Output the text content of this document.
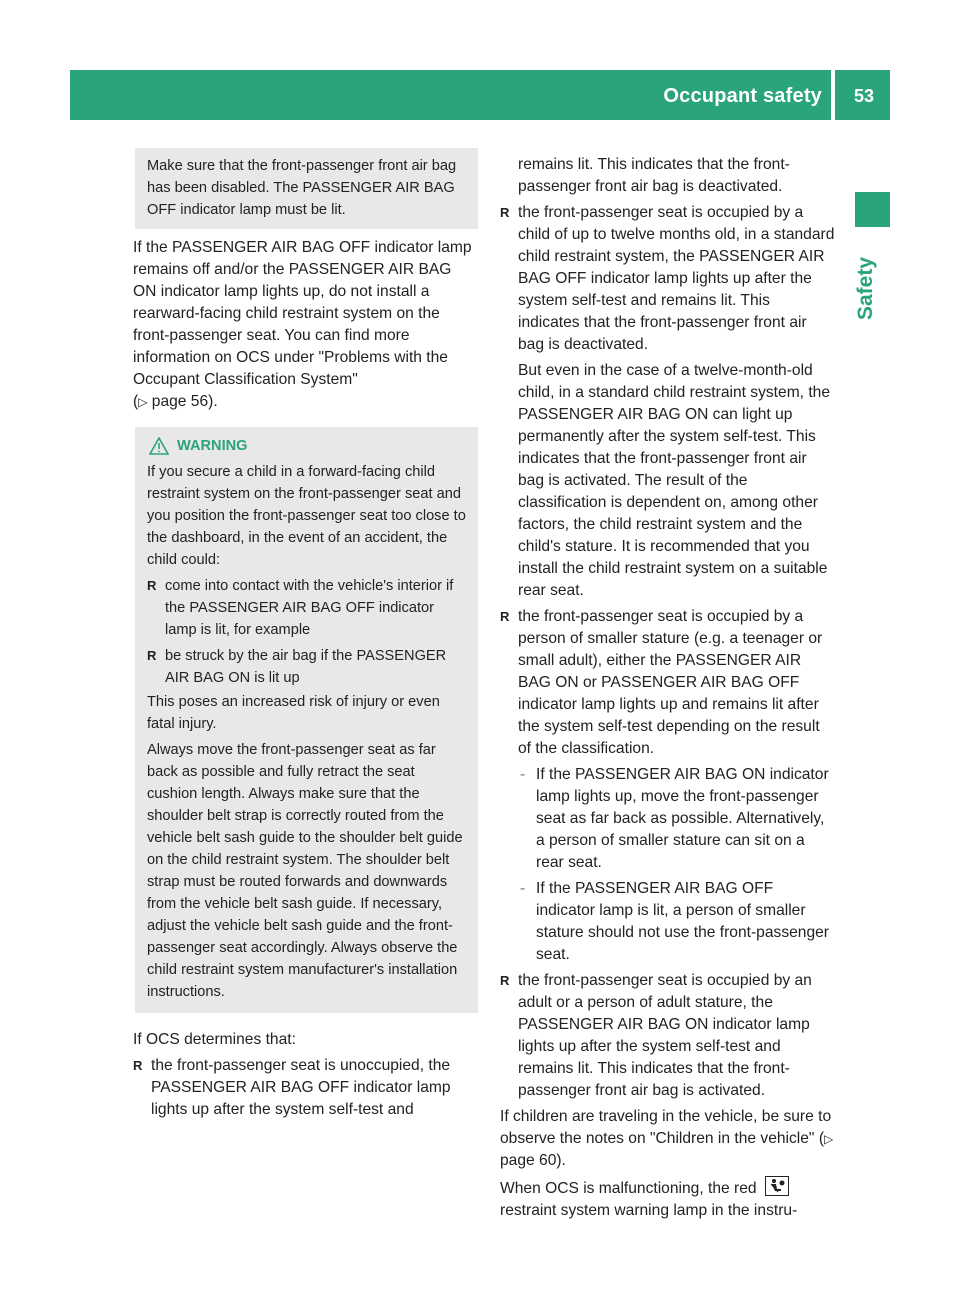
Occupant safety 53
Safety

Make sure that the front-passenger front air bag has been disabled. The PASSENGER AIR BAG OFF indicator lamp must be lit.

If the PASSENGER AIR BAG OFF indicator lamp remains off and/or the PASSENGER AIR BAG ON indicator lamp lights up, do not install a rearward-facing child restraint system on the front-passenger seat. You can find more information on OCS under "Problems with the Occupant Classification System"
(▷ page 56).

WARNING

If you secure a child in a forward-facing child restraint system on the front-passenger seat and you position the front-passenger seat too close to the dashboard, in the event of an accident, the child could:

R come into contact with the vehicle's interior if the PASSENGER AIR BAG OFF indicator lamp is lit, for example
R be struck by the air bag if the PASSENGER AIR BAG ON is lit up

This poses an increased risk of injury or even fatal injury.

Always move the front-passenger seat as far back as possible and fully retract the seat cushion length. Always make sure that the shoulder belt strap is correctly routed from the vehicle belt sash guide to the shoulder belt guide on the child restraint system. The shoulder belt strap must be routed forwards and downwards from the vehicle belt sash guide. If necessary, adjust the vehicle belt sash guide and the front-passenger seat accordingly. Always observe the child restraint system manufacturer's installation instructions.

If OCS determines that:

R the front-passenger seat is unoccupied, the PASSENGER AIR BAG OFF indicator lamp lights up after the system self-test and

remains lit. This indicates that the front-passenger front air bag is deactivated.

R the front-passenger seat is occupied by a child of up to twelve months old, in a standard child restraint system, the PASSENGER AIR BAG OFF indicator lamp lights up after the system self-test and remains lit. This indicates that the front-passenger front air bag is deactivated.

But even in the case of a twelve-month-old child, in a standard child restraint system, the PASSENGER AIR BAG ON can light up permanently after the system self-test. This indicates that the front-passenger front air bag is activated. The result of the classification is dependent on, among other factors, the child restraint system and the child's stature. It is recommended that you install the child restraint system on a suitable rear seat.

R the front-passenger seat is occupied by a person of smaller stature (e.g. a teenager or small adult), either the PASSENGER AIR BAG ON or PASSENGER AIR BAG OFF indicator lamp lights up and remains lit after the system self-test depending on the result of the classification.
- If the PASSENGER AIR BAG ON indicator lamp lights up, move the front-passenger seat as far back as possible. Alternatively, a person of smaller stature can sit on a rear seat.
- If the PASSENGER AIR BAG OFF indicator lamp is lit, a person of smaller stature should not use the front-passenger seat.
R the front-passenger seat is occupied by an adult or a person of adult stature, the PASSENGER AIR BAG ON indicator lamp lights up after the system self-test and remains lit. This indicates that the front-passenger front air bag is activated.

If children are traveling in the vehicle, be sure to observe the notes on "Children in the vehicle" (▷ page 60).

When OCS is malfunctioning, the red

restraint system warning lamp in the instru-
